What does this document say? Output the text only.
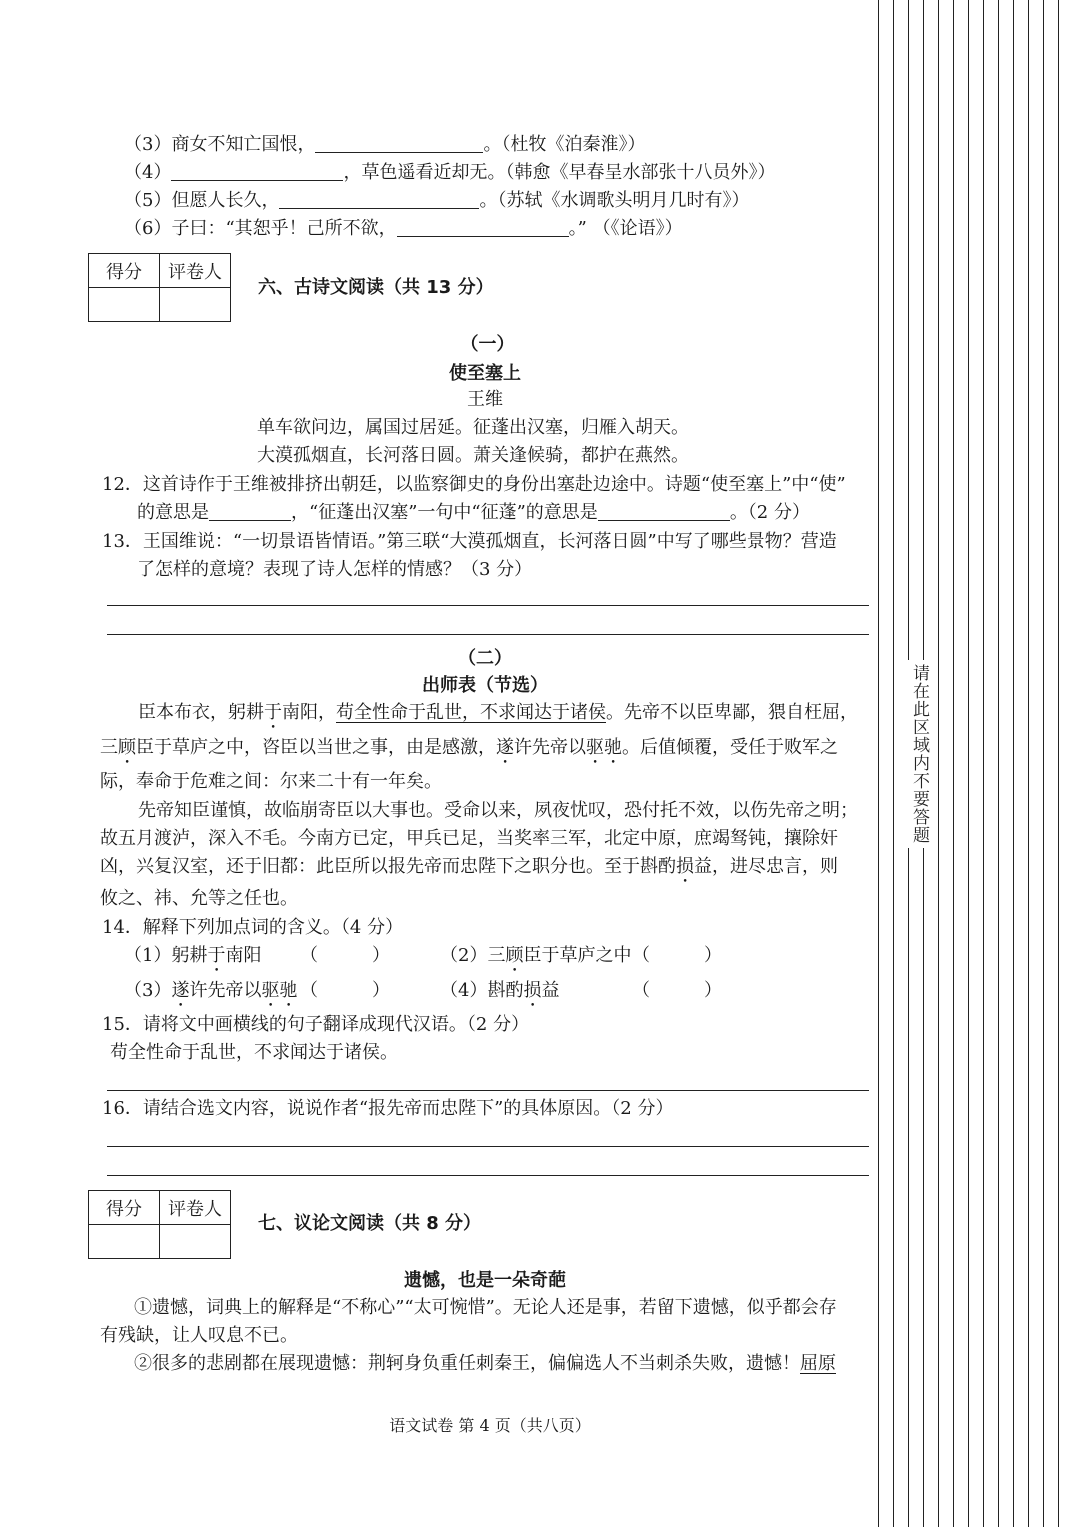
（3）商女不知亡国恨，	。（杜牧《泊秦淮》）
（4）	，草色遥看近却无。（韩愈《早春呈水部张十八员外》）
（5）但愿人长久，	。（苏轼《水调歌头明月几时有》）
（6）子曰：“其恕乎！己所不欲，	。” （《论语》）
得分	评卷人

六、古诗文阅读（共 13 分）
（一）
使至塞上
王维
单车欲问边，属国过居延。征蓬出汉塞，归雁入胡天。
大漠孤烟直，长河落日圆。萧关逢候骑，都护在燕然。
12．这首诗作于王维被排挤出朝廷，以监察御史的身份出塞赴边途中。诗题“使至塞上”中“使”
的意思是	，“征蓬出汉塞”一句中“征蓬”的意思是	。（2 分）
13．王国维说：“一切景语皆情语。”第三联“大漠孤烟直，长河落日圆”中写了哪些景物？营造
了怎样的意境？表现了诗人怎样的情感？（3 分）
（二）
出师表（节选）
臣本布衣，躬耕于南阳，苟全性命于乱世，不求闻达于诸侯。先帝不以臣卑鄙，猥自枉屈，
三顾臣于草庐之中，咨臣以当世之事，由是感激，遂许先帝以驱驰。后值倾覆，受任于败军之
际，奉命于危难之间：尔来二十有一年矣。
先帝知臣谨慎，故临崩寄臣以大事也。受命以来，夙夜忧叹，恐付托不效，以伤先帝之明；
故五月渡泸，深入不毛。今南方已定，甲兵已足，当奖率三军，北定中原，庶竭驽钝，攘除奸
凶，兴复汉室，还于旧都：此臣所以报先帝而忠陛下之职分也。至于斟酌损益，进尽忠言，则
攸之、祎、允等之任也。
14．解释下列加点词的含义。（4 分）
（1）躬耕于南阳 （　　　）	（2）三顾臣于草庐之中 （　　　）
（3）遂许先帝以驱驰 （　　　）	（4）斟酌损益	（　　　）
15．请将文中画横线的句子翻译成现代汉语。（2 分）
苟全性命于乱世，不求闻达于诸侯。
16．请结合选文内容，说说作者“报先帝而忠陛下”的具体原因。（2 分）
得分	评卷人

七、议论文阅读（共 8 分）
遗憾，也是一朵奇葩
①遗憾，词典上的解释是“不称心”“太可惋惜”。无论人还是事，若留下遗憾，似乎都会存
有残缺，让人叹息不已。
②很多的悲剧都在展现遗憾：荆轲身负重任刺秦王，偏偏选人不当刺杀失败，遗憾！屈原
语文试卷 第 4 页（共八页）
请在此区域内不要答题
